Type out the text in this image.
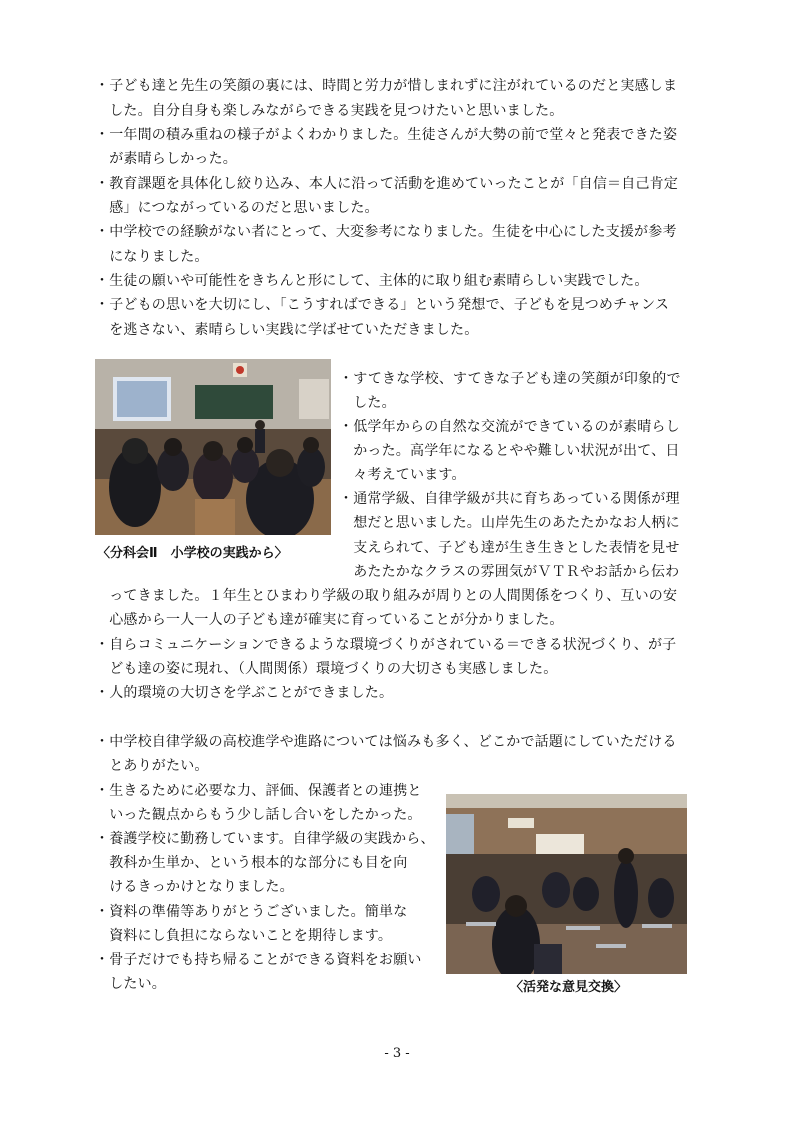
・子ども達と先生の笑顔の裏には、時間と労力が惜しまれずに注がれているのだと実感しま
　した。自分自身も楽しみながらできる実践を見つけたいと思いました。
・一年間の積み重ねの様子がよくわかりました。生徒さんが大勢の前で堂々と発表できた姿
　が素晴らしかった。
・教育課題を具体化し絞り込み、本人に沿って活動を進めていったことが「自信＝自己肯定
　感」につながっているのだと思いました。
・中学校での経験がない者にとって、大変参考になりました。生徒を中心にした支援が参考
　になりました。
・生徒の願いや可能性をきちんと形にして、主体的に取り組む素晴らしい実践でした。
・子どもの思いを大切にし、「こうすればできる」という発想で、子どもを見つめチャンス
　を逃さない、素晴らしい実践に学ばせていただきました。
〈分科会Ⅱ　小学校の実践から〉
・すてきな学校、すてきな子ども達の笑顔が印象的で
　した。
・低学年からの自然な交流ができているのが素晴らし
　かった。高学年になるとやや難しい状況が出て、日
　々考えています。
・通常学級、自律学級が共に育ちあっている関係が理
　想だと思いました。山岸先生のあたたかなお人柄に
　支えられて、子ども達が生き生きとした表情を見せ
　あたたかなクラスの雰囲気がＶＴＲやお話から伝わ
　ってきました。１年生とひまわり学級の取り組みが周りとの人間関係をつくり、互いの安
　心感から一人一人の子ども達が確実に育っていることが分かりました。
・自らコミュニケーションできるような環境づくりがされている＝できる状況づくり、が子
　ども達の姿に現れ、（人間関係）環境づくりの大切さも実感しました。
・人的環境の大切さを学ぶことができました。
・中学校自律学級の高校進学や進路については悩みも多く、どこかで話題にしていただける
　とありがたい。
・生きるために必要な力、評価、保護者との連携と
　いった観点からもう少し話し合いをしたかった。
・養護学校に勤務しています。自律学級の実践から、
　教科か生単か、という根本的な部分にも目を向
　けるきっかけとなりました。
・資料の準備等ありがとうございました。簡単な
　資料にし負担にならないことを期待します。
・骨子だけでも持ち帰ることができる資料をお願い
　したい。	〈活発な意見交換〉
- 3 -
